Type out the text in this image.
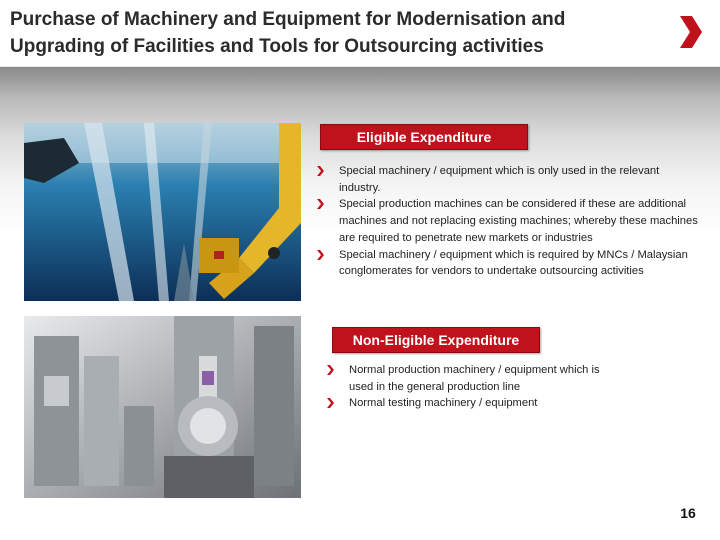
Purchase of Machinery and Equipment for Modernisation and Upgrading of Facilities and Tools for Outsourcing activities
Eligible Expenditure
Special machinery / equipment which is only used in the relevant industry.
Special production machines can be considered if these are additional machines and not replacing existing machines; whereby these machines are required to penetrate new markets or industries
Special machinery / equipment which is required by MNCs / Malaysian conglomerates for vendors to undertake outsourcing activities
Non-Eligible Expenditure
Normal production machinery / equipment which is used in the general production line
Normal testing machinery / equipment
16
